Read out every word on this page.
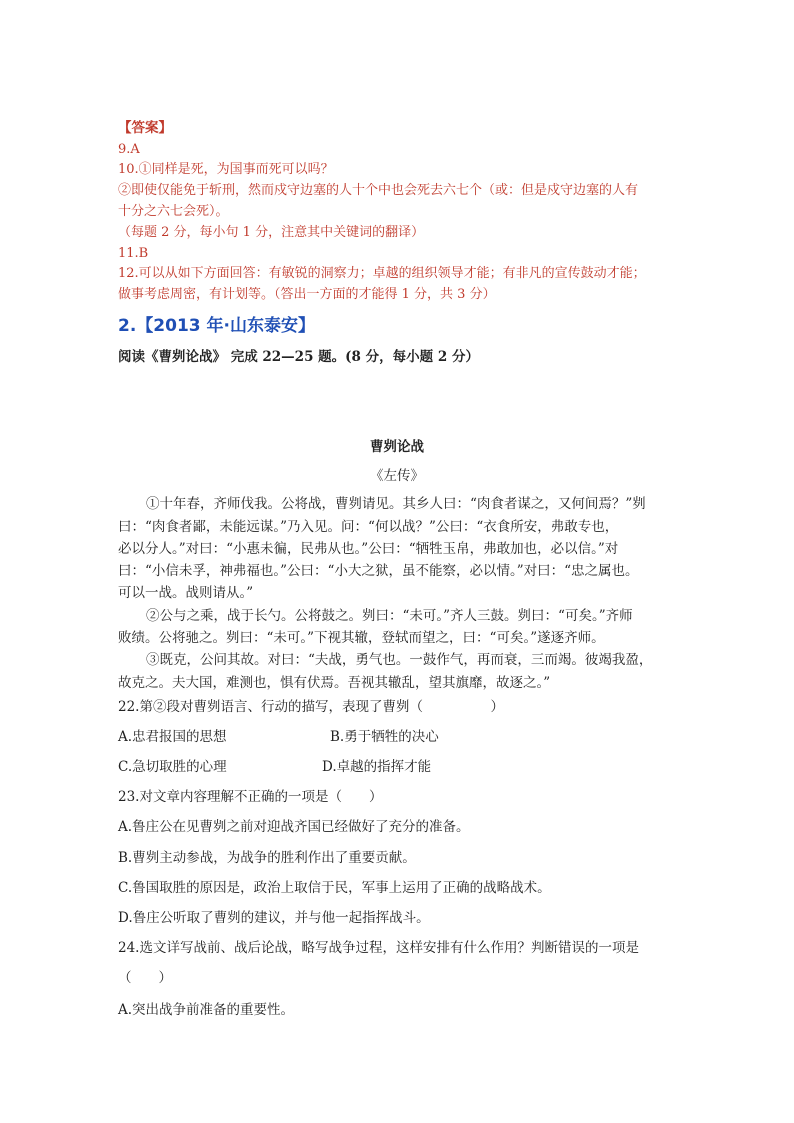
【答案】
9.A
10.①同样是死，为国事而死可以吗？
②即使仅能免于斩刑，然而戍守边塞的人十个中也会死去六七个（或：但是戍守边塞的人有
十分之六七会死）。
（每题 2 分，每小句 1 分，注意其中关键词的翻译）
11.B
12.可以从如下方面回答：有敏锐的洞察力；卓越的组织领导才能；有非凡的宣传鼓动才能；
做事考虑周密，有计划等。（答出一方面的才能得 1 分，共 3 分）
2.【2013 年·山东泰安】
阅读《曹刿论战》 完成 22—25 题。(8 分，每小题 2 分）
曹刿论战
《左传》
①十年春，齐师伐我。公将战，曹刿请见。其乡人曰：“肉食者谋之，又何间焉？”刿
曰：“肉食者鄙，未能远谋。”乃入见。问：“何以战？”公曰：“衣食所安，弗敢专也，
必以分人。”对曰：“小惠未徧，民弗从也。”公曰：“牺牲玉帛，弗敢加也，必以信。”对
曰：“小信未孚，神弗福也。”公曰：“小大之狱，虽不能察，必以情。”对曰：“忠之属也。
可以一战。战则请从。”
②公与之乘，战于长勺。公将鼓之。刿曰：“未可。”齐人三鼓。刿曰：“可矣。”齐师
败绩。公将驰之。刿曰：“未可。”下视其辙，登轼而望之，曰：“可矣。”遂逐齐师。
③既克，公问其故。对曰：“夫战，勇气也。一鼓作气，再而衰，三而竭。彼竭我盈，
故克之。夫大国，难测也，惧有伏焉。吾视其辙乱，望其旗靡，故逐之。”
22.第②段对曹刿语言、行动的描写，表现了曹刿（　　　　　）
A.忠君报国的思想	B.勇于牺牲的决心
C.急切取胜的心理	D.卓越的指挥才能
23.对文章内容理解不正确的一项是（　　）
A.鲁庄公在见曹刿之前对迎战齐国已经做好了充分的准备。
B.曹刿主动参战，为战争的胜利作出了重要贡献。
C.鲁国取胜的原因是，政治上取信于民，军事上运用了正确的战略战术。
D.鲁庄公听取了曹刿的建议，并与他一起指挥战斗。
24.选文详写战前、战后论战，略写战争过程，这样安排有什么作用？判断错误的一项是
（　　）
A.突出战争前准备的重要性。
